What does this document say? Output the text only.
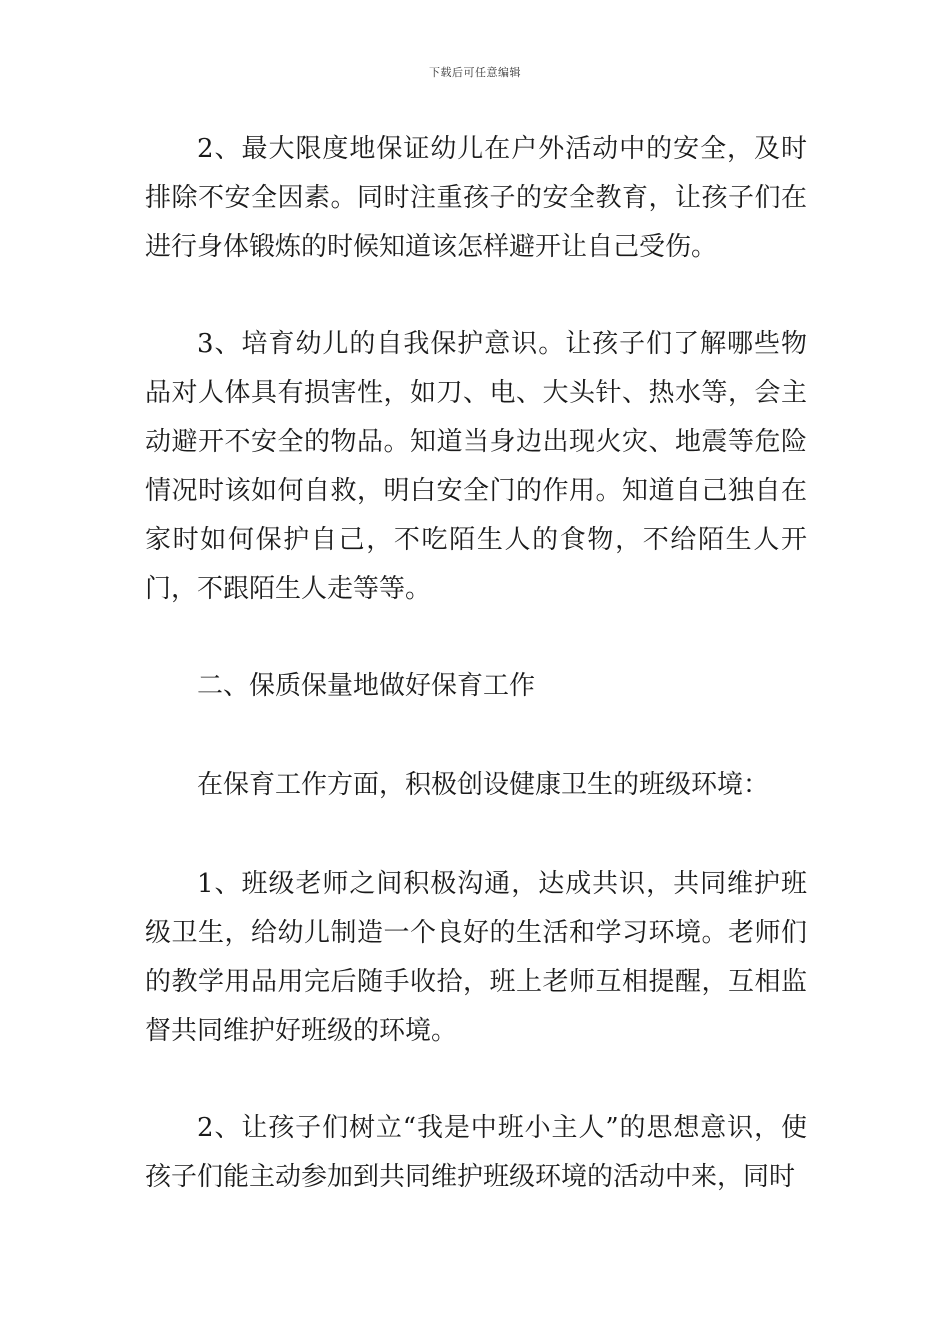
下载后可任意编辑

2、最大限度地保证幼儿在户外活动中的安全，及时排除不安全因素。同时注重孩子的安全教育，让孩子们在进行身体锻炼的时候知道该怎样避开让自己受伤。

3、培育幼儿的自我保护意识。让孩子们了解哪些物品对人体具有损害性，如刀、电、大头针、热水等，会主动避开不安全的物品。知道当身边出现火灾、地震等危险情况时该如何自救，明白安全门的作用。知道自己独自在家时如何保护自己，不吃陌生人的食物，不给陌生人开门，不跟陌生人走等等。

二、保质保量地做好保育工作

在保育工作方面，积极创设健康卫生的班级环境：

1、班级老师之间积极沟通，达成共识，共同维护班级卫生，给幼儿制造一个良好的生活和学习环境。老师们的教学用品用完后随手收拾，班上老师互相提醒，互相监督共同维护好班级的环境。

2、让孩子们树立“我是中班小主人”的思想意识，使孩子们能主动参加到共同维护班级环境的活动中来，同时
